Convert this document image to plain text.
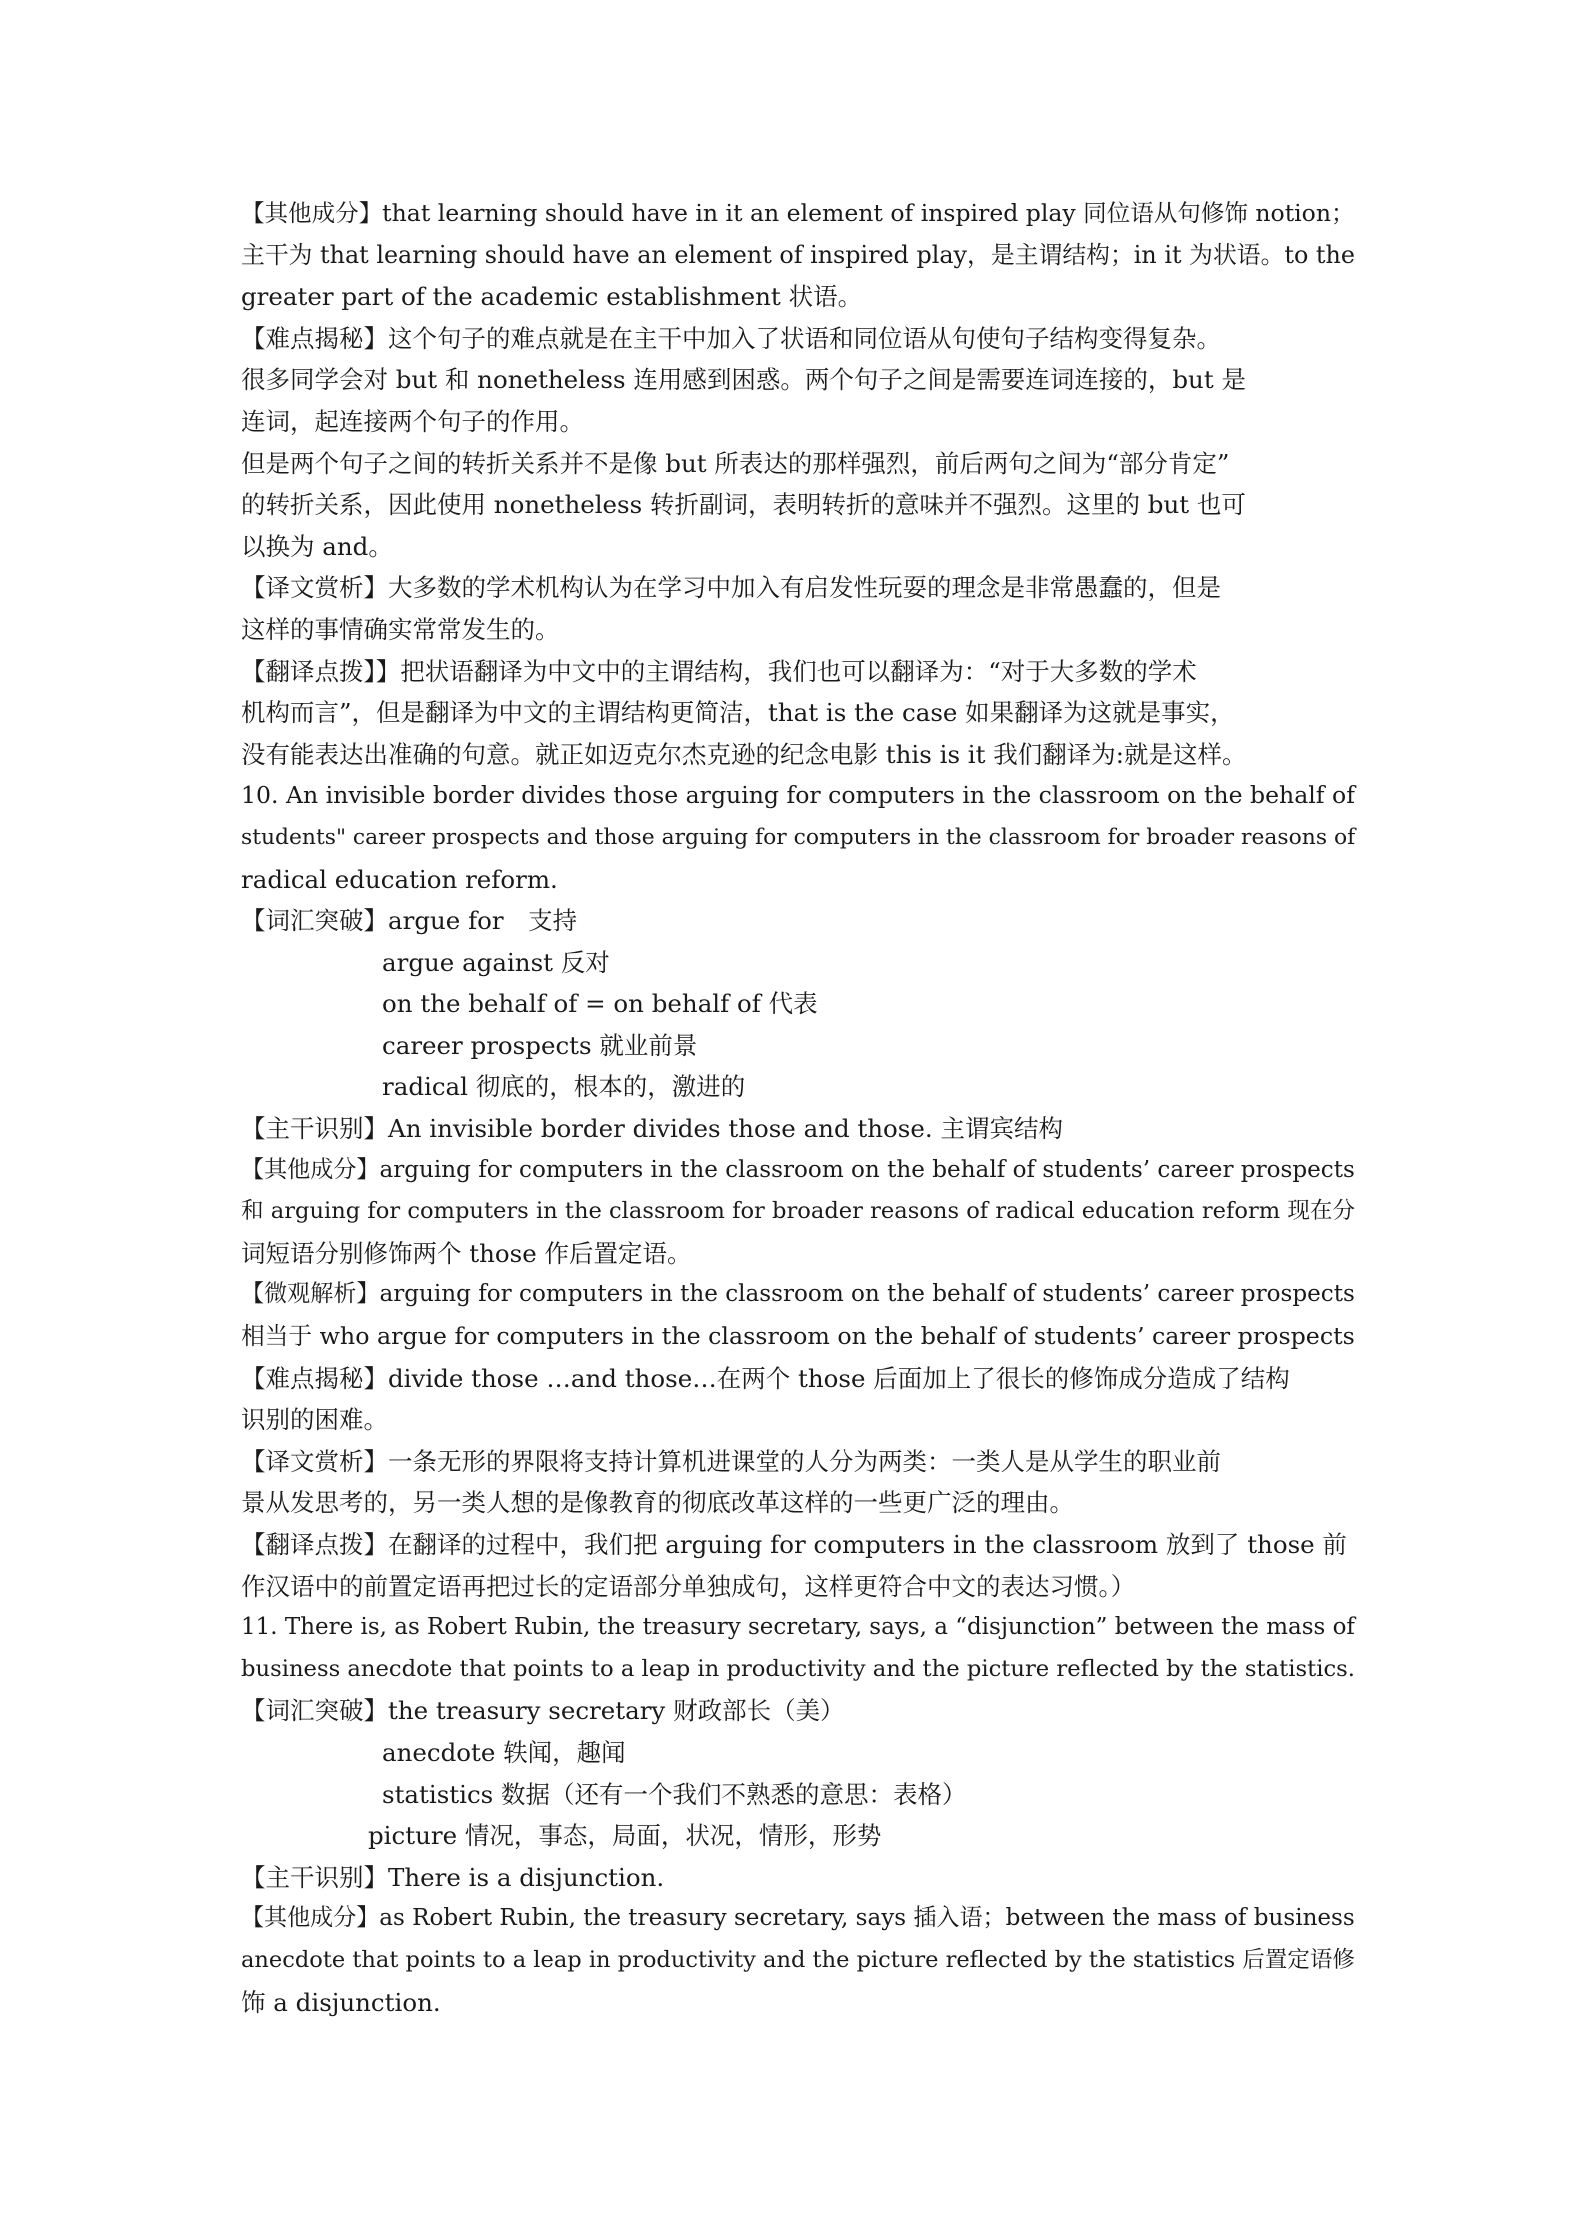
【其他成分】that learning should have in it an element of inspired play 同位语从句修饰 notion；
主干为 that learning should have an element of inspired play，是主谓结构；in it 为状语。to the
greater part of the academic establishment 状语。
【难点揭秘】这个句子的难点就是在主干中加入了状语和同位语从句使句子结构变得复杂。
很多同学会对 but 和 nonetheless 连用感到困惑。两个句子之间是需要连词连接的，but 是
连词，起连接两个句子的作用。
但是两个句子之间的转折关系并不是像 but 所表达的那样强烈，前后两句之间为“部分肯定”
的转折关系，因此使用 nonetheless 转折副词，表明转折的意味并不强烈。这里的 but 也可
以换为 and。
【译文赏析】大多数的学术机构认为在学习中加入有启发性玩耍的理念是非常愚蠢的，但是
这样的事情确实常常发生的。
【翻译点拨】】把状语翻译为中文中的主谓结构，我们也可以翻译为：“对于大多数的学术
机构而言”，但是翻译为中文的主谓结构更简洁，that is the case 如果翻译为这就是事实，
没有能表达出准确的句意。就正如迈克尔杰克逊的纪念电影 this is it 我们翻译为:就是这样。
10. An invisible border divides those arguing for computers in the classroom on the behalf of
students" career prospects and those arguing for computers in the classroom for broader reasons of
radical education reform.
【词汇突破】argue for　支持
argue against 反对
on the behalf of = on behalf of 代表
career prospects 就业前景
radical 彻底的，根本的，激进的
【主干识别】An invisible border divides those and those. 主谓宾结构
【其他成分】arguing for computers in the classroom on the behalf of students’ career prospects
和 arguing for computers in the classroom for broader reasons of radical education reform 现在分
词短语分别修饰两个 those 作后置定语。
【微观解析】arguing for computers in the classroom on the behalf of students’ career prospects
相当于 who argue for computers in the classroom on the behalf of students’ career prospects
【难点揭秘】divide those …and those…在两个 those 后面加上了很长的修饰成分造成了结构
识别的困难。
【译文赏析】一条无形的界限将支持计算机进课堂的人分为两类：一类人是从学生的职业前
景从发思考的，另一类人想的是像教育的彻底改革这样的一些更广泛的理由。
【翻译点拨】在翻译的过程中，我们把 arguing for computers in the classroom 放到了 those 前
作汉语中的前置定语再把过长的定语部分单独成句，这样更符合中文的表达习惯。）
11. There is, as Robert Rubin, the treasury secretary, says, a “disjunction” between the mass of
business anecdote that points to a leap in productivity and the picture reflected by the statistics.
【词汇突破】the treasury secretary 财政部长（美）
anecdote 轶闻，趣闻
statistics 数据（还有一个我们不熟悉的意思：表格）
picture 情况，事态，局面，状况，情形，形势
【主干识别】There is a disjunction.
【其他成分】as Robert Rubin, the treasury secretary, says 插入语；between the mass of business
anecdote that points to a leap in productivity and the picture reflected by the statistics 后置定语修
饰 a disjunction.
